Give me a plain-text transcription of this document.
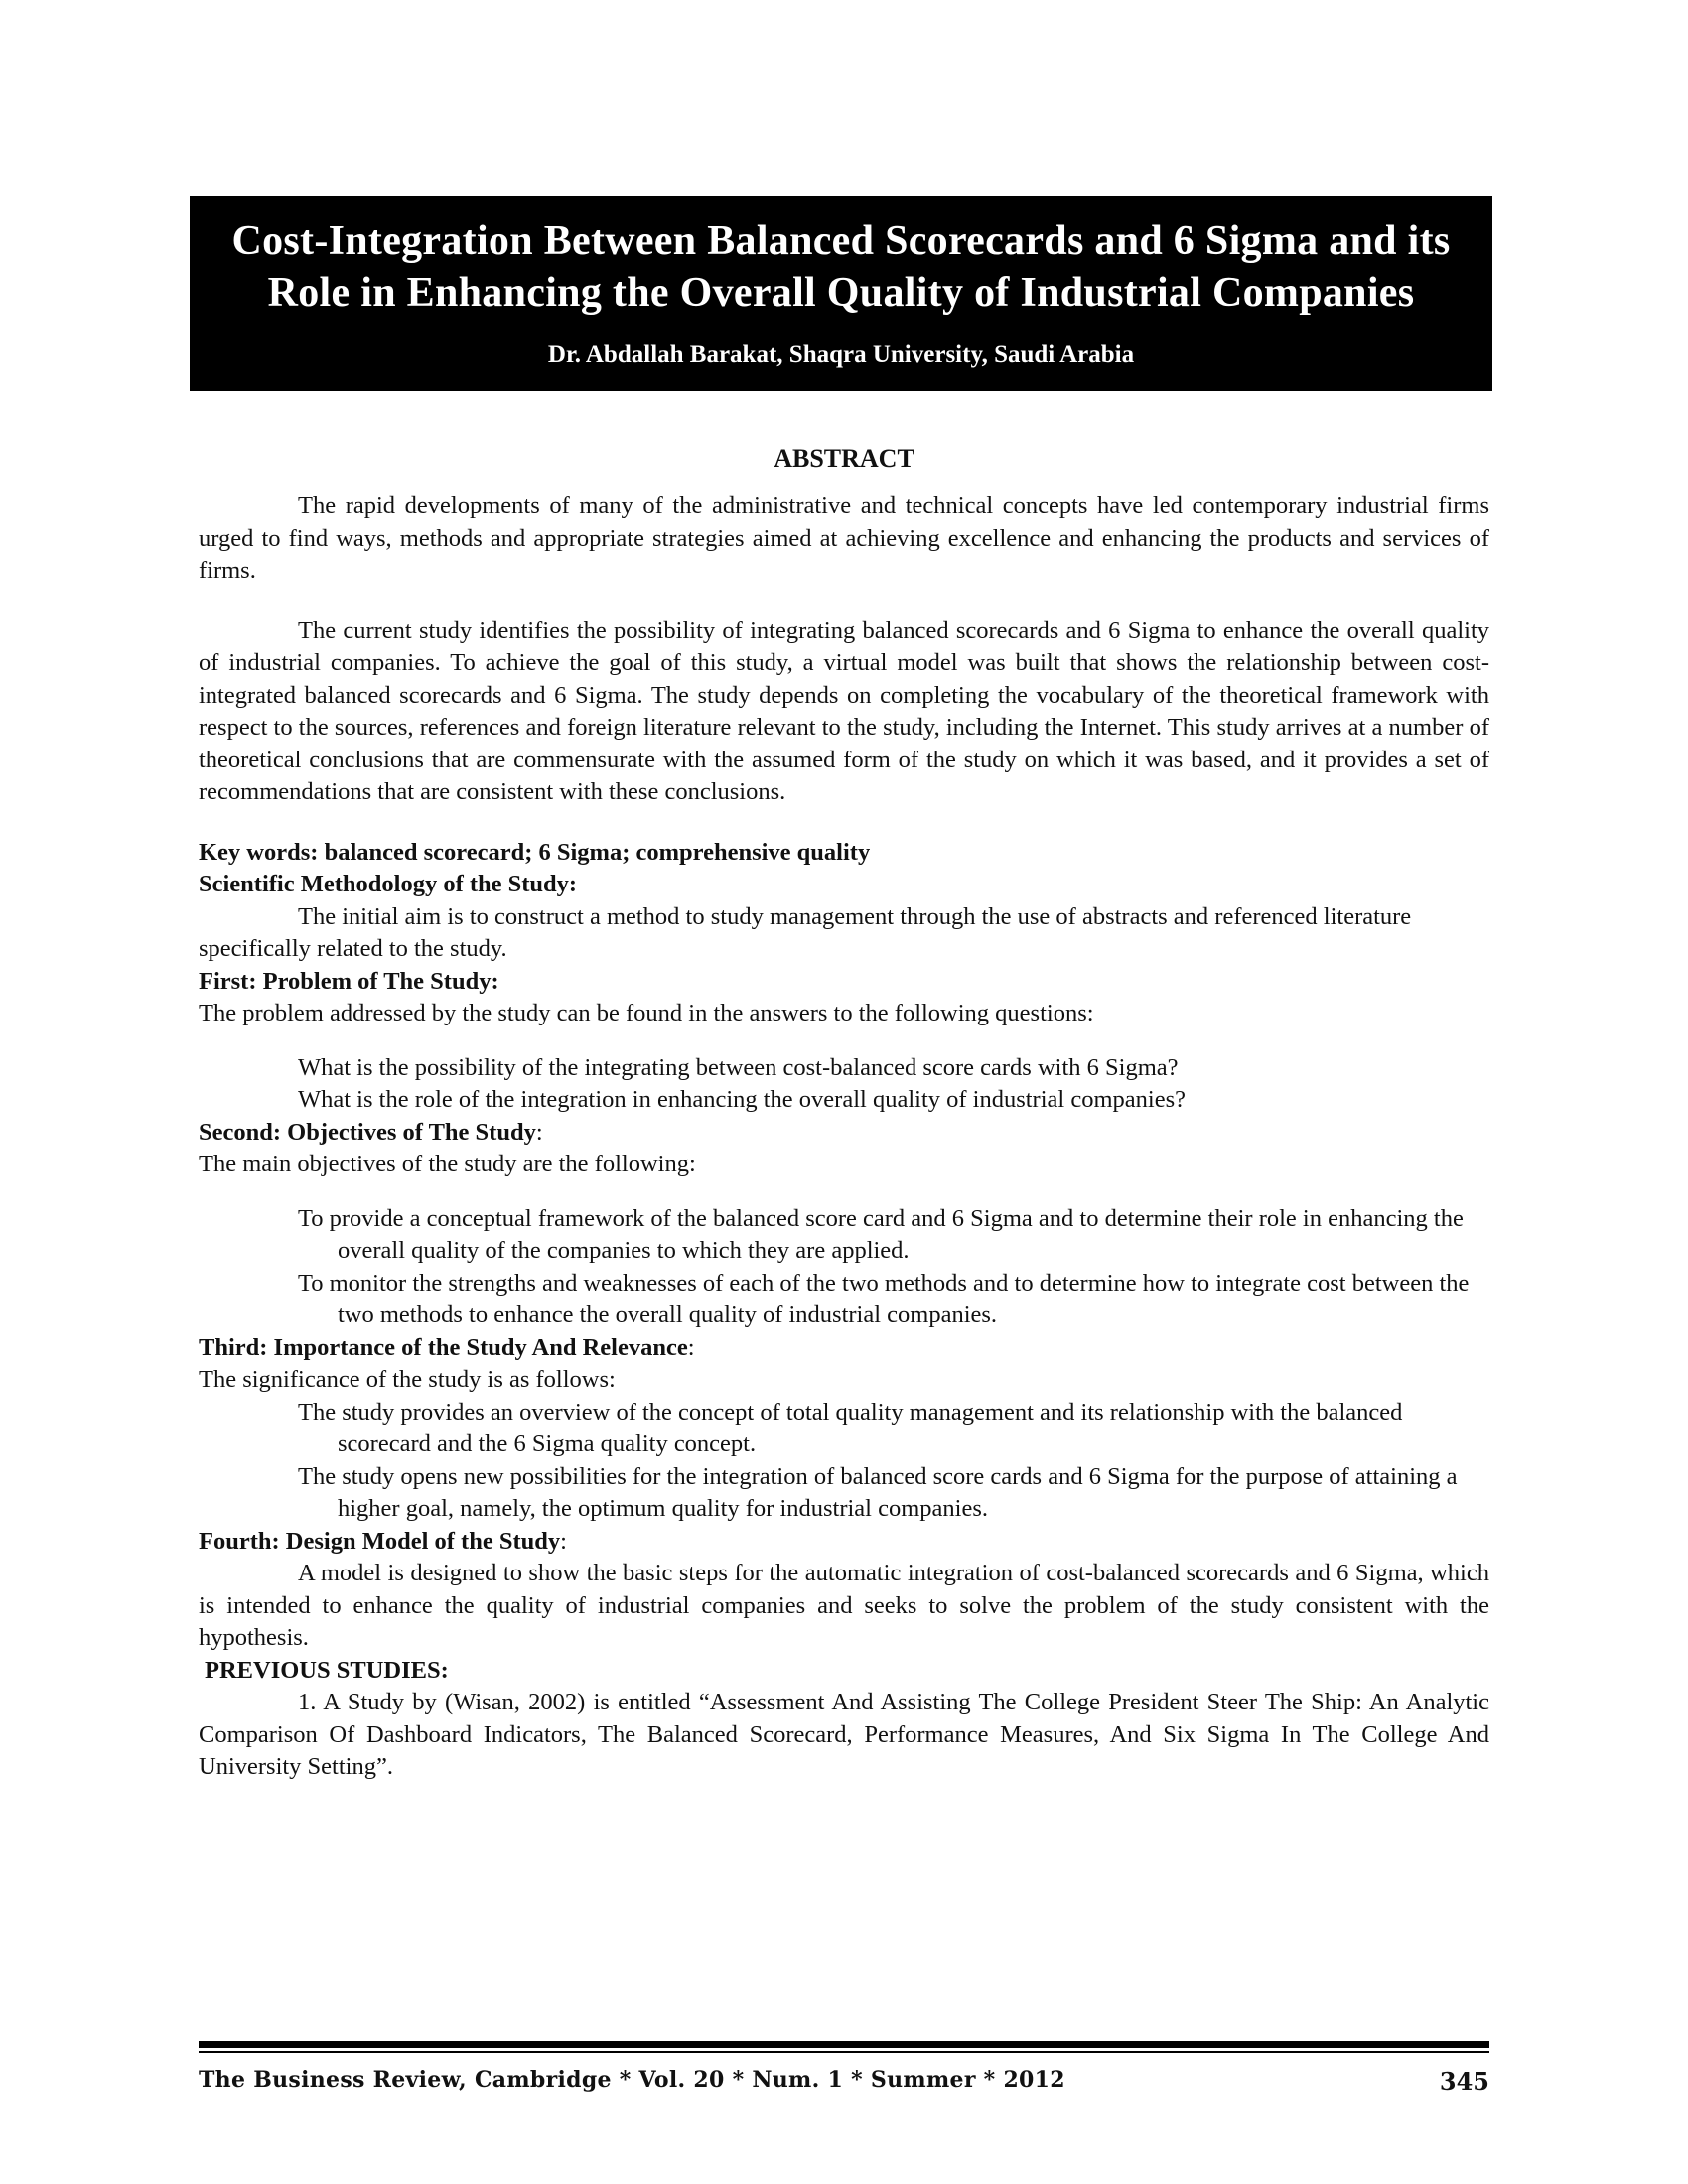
Cost-Integration Between Balanced Scorecards and 6 Sigma and its
Role in Enhancing the Overall Quality of Industrial Companies
Dr. Abdallah Barakat, Shaqra University, Saudi Arabia
ABSTRACT

The rapid developments of many of the administrative and technical concepts have led contemporary industrial firms urged to find ways, methods and appropriate strategies aimed at achieving excellence and enhancing the products and services of firms.

The current study identifies the possibility of integrating balanced scorecards and 6 Sigma to enhance the overall quality of industrial companies. To achieve the goal of this study, a virtual model was built that shows the relationship between cost-integrated balanced scorecards and 6 Sigma. The study depends on completing the vocabulary of the theoretical framework with respect to the sources, references and foreign literature relevant to the study, including the Internet. This study arrives at a number of theoretical conclusions that are commensurate with the assumed form of the study on which it was based, and it provides a set of recommendations that are consistent with these conclusions.

Key words: balanced scorecard; 6 Sigma; comprehensive quality

Scientific Methodology of the Study:

The initial aim is to construct a method to study management through the use of abstracts and referenced literature specifically related to the study.

First: Problem of The Study:

The problem addressed by the study can be found in the answers to the following questions:

What is the possibility of the integrating between cost-balanced score cards with 6 Sigma?

What is the role of the integration in enhancing the overall quality of industrial companies?

Second: Objectives of The Study:

The main objectives of the study are the following:

To provide a conceptual framework of the balanced score card and 6 Sigma and to determine their role in enhancing the overall quality of the companies to which they are applied.

To monitor the strengths and weaknesses of each of the two methods and to determine how to integrate cost between the two methods to enhance the overall quality of industrial companies.

Third: Importance of the Study And Relevance:

The significance of the study is as follows:

The study provides an overview of the concept of total quality management and its relationship with the balanced scorecard and the 6 Sigma quality concept.

The study opens new possibilities for the integration of balanced score cards and 6 Sigma for the purpose of attaining a higher goal, namely, the optimum quality for industrial companies.

Fourth: Design Model of the Study:

A model is designed to show the basic steps for the automatic integration of cost-balanced scorecards and 6 Sigma, which is intended to enhance the quality of industrial companies and seeks to solve the problem of the study consistent with the hypothesis.

PREVIOUS STUDIES:

1. A Study by (Wisan, 2002) is entitled “Assessment And Assisting The College President Steer The Ship: An Analytic Comparison Of Dashboard Indicators, The Balanced Scorecard, Performance Measures, And Six Sigma In The College And University Setting”.

The Business Review, Cambridge * Vol. 20 * Num. 1 * Summer * 2012	345
